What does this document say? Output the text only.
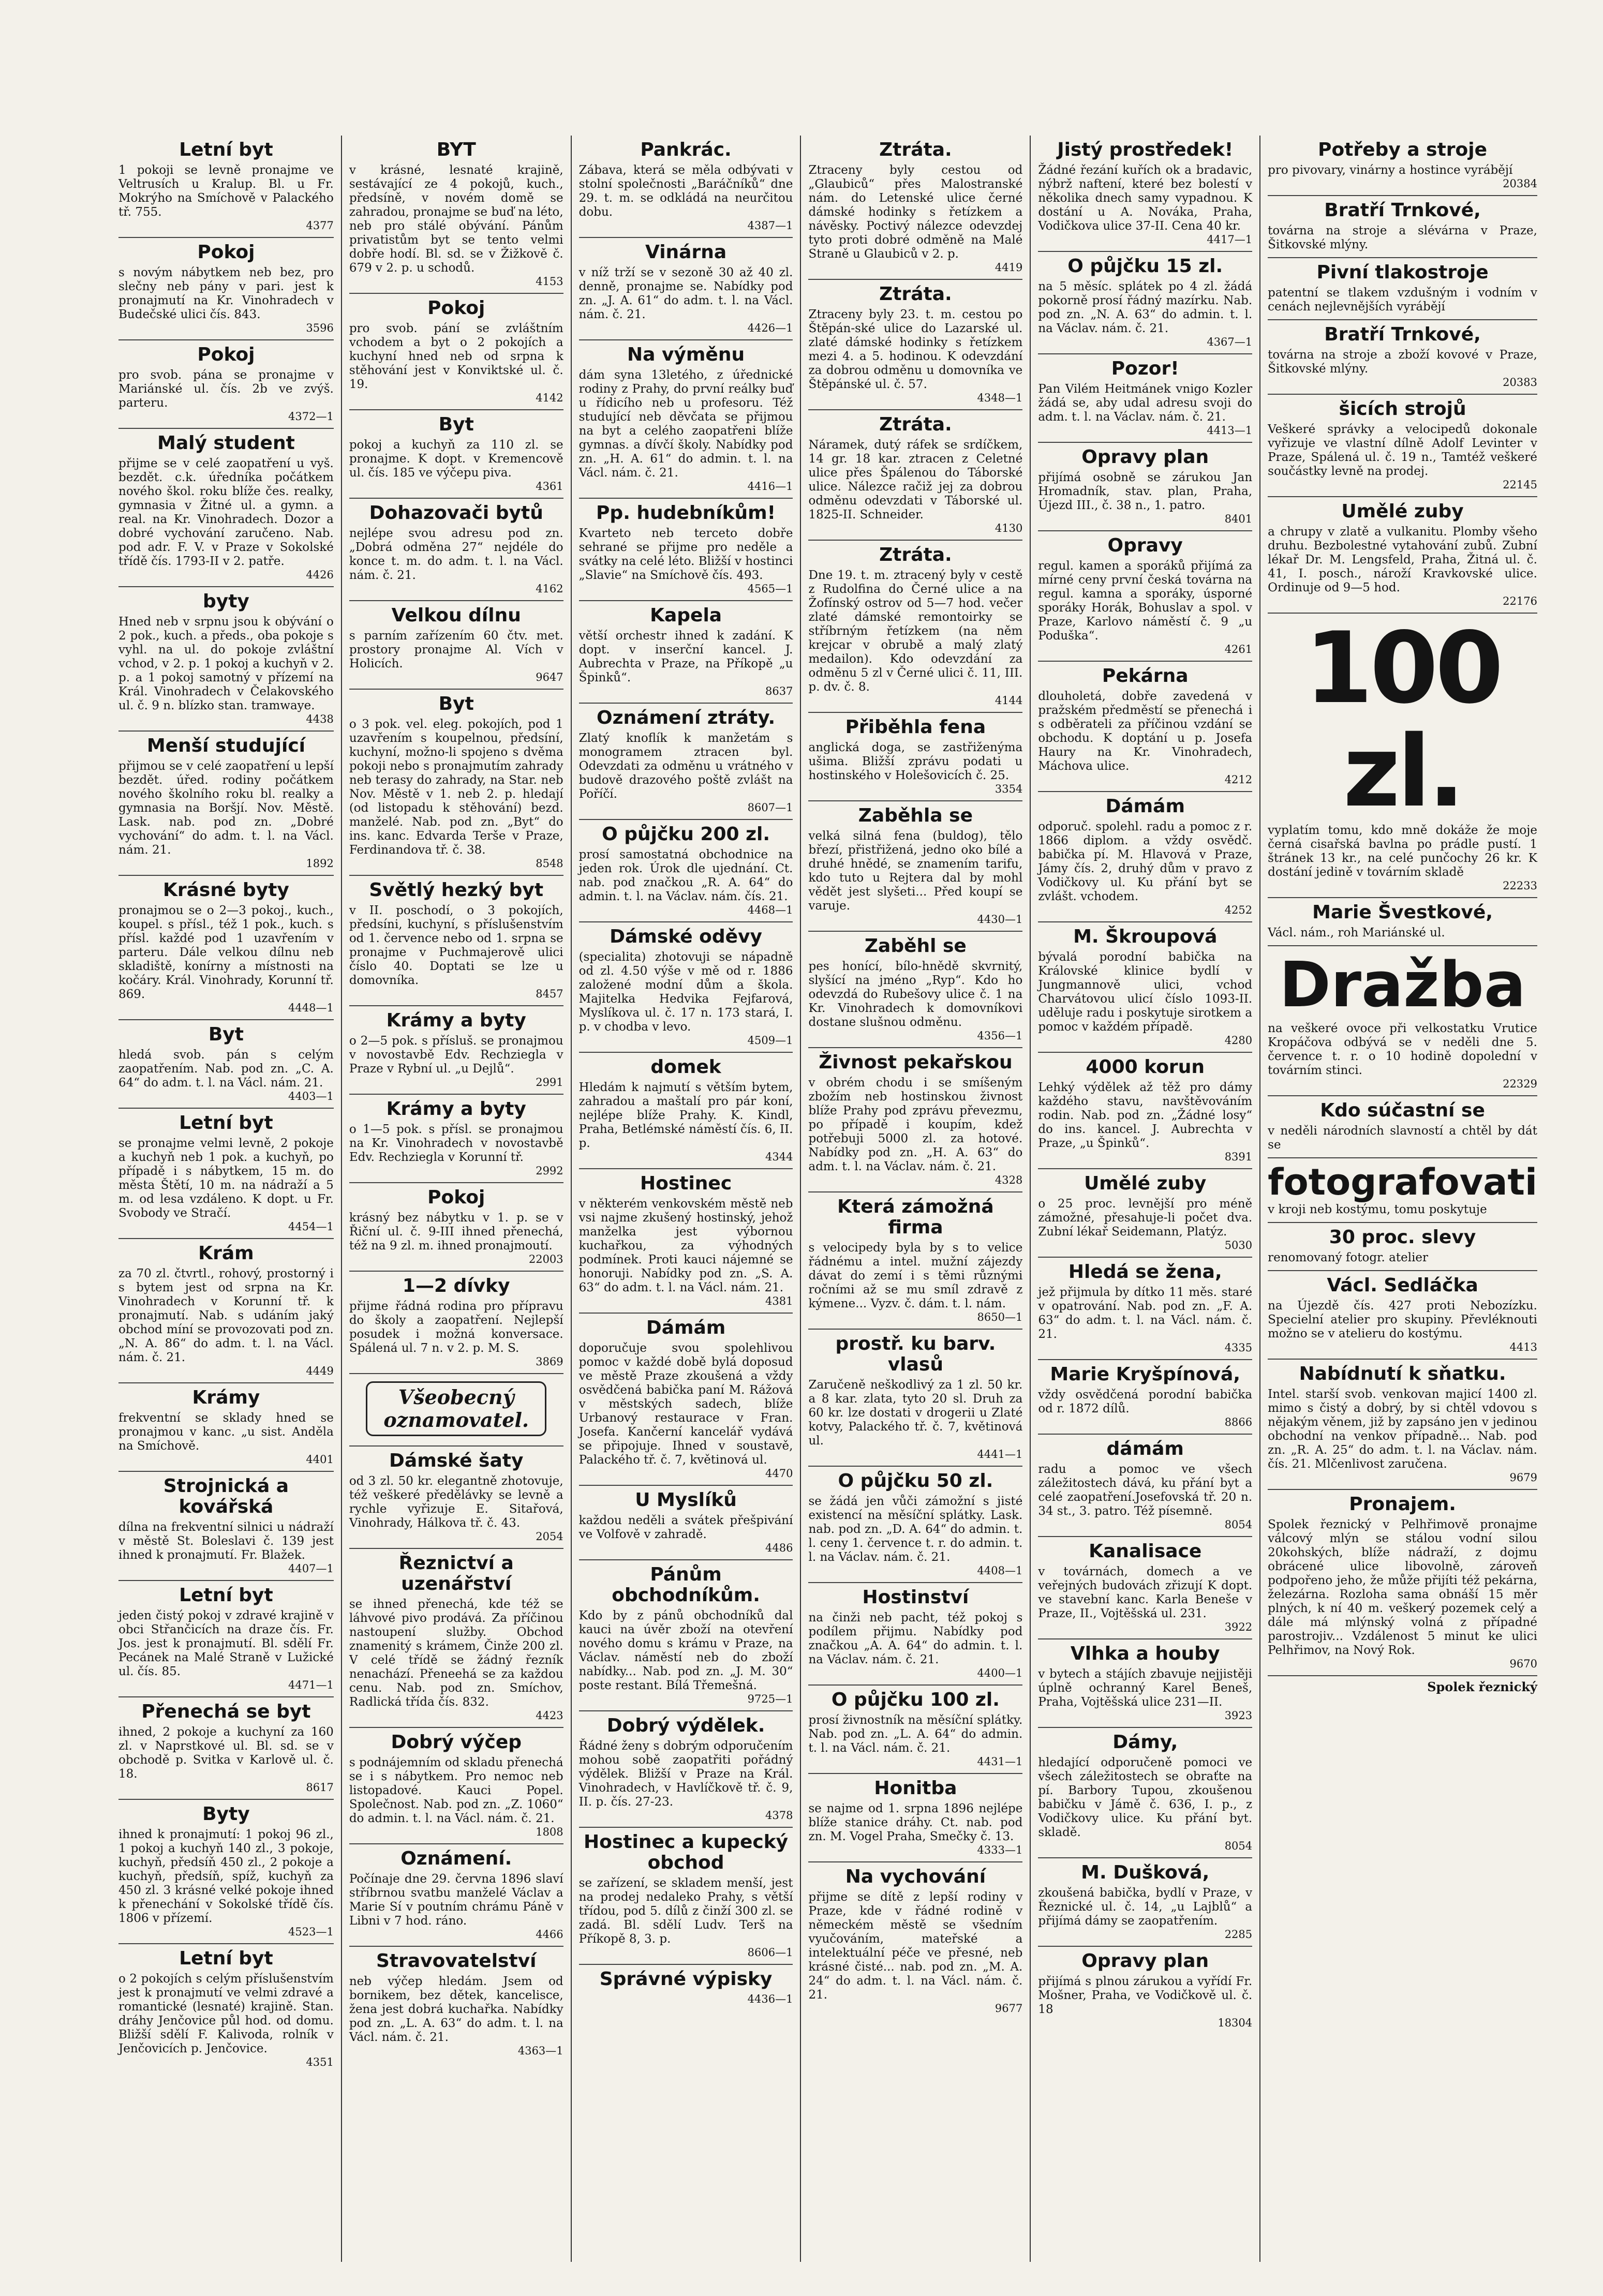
Letní byt

1 pokoji se levně pronajme ve Veltrusích u Kralup. Bl. u Fr. Mokrýho na Smíchově v Palackého tř. 755.

4377
Pokoj

s novým nábytkem neb bez, pro slečny neb pány v pari. jest k pronajmutí na Kr. Vinohradech v Budečské ulici čís. 843.

3596
Pokoj

pro svob. pána se pronajme v Mariánské ul. čís. 2b ve zvýš. parteru.

4372—1
Malý student

přijme se v celé zaopatření u vyš. bezdět. c.k. úředníka počátkem nového škol. roku blíže čes. realky, gymnasia v Žitné ul. a gymn. a real. na Kr. Vinohradech. Dozor a dobré vychování zaručeno. Nab. pod adr. F. V. v Praze v Sokolské třídě čís. 1793-II v 2. patře.

4426
byty

Hned neb v srpnu jsou k obývání o 2 pok., kuch. a předs., oba pokoje s vyhl. na ul. do pokoje zvláštní vchod, v 2. p. 1 pokoj a kuchyň v 2. p. a 1 pokoj samotný v přízemí na Král. Vinohradech v Čelakovského ul. č. 9 n. blízko stan. tramwaye.

4438
Menší studující

přijmou se v celé zaopatření u lepší bezdět. úřed. rodiny počátkem nového školního roku bl. realky a gymnasia na Boršjí. Nov. Městě. Lask. nab. pod zn. „Dobré vychování“ do adm. t. l. na Václ. nám. 21.

1892
Krásné byty

pronajmou se o 2—3 pokoj., kuch., koupel. s přísl., též 1 pok., kuch. s přísl. každé pod 1 uzavřením v parteru. Dále velkou dílnu neb skladiště, konírny a místnosti na kočáry. Král. Vinohrady, Korunní tř. 869.

4448—1
Byt

hledá svob. pán s celým zaopatřením. Nab. pod zn. „C. A. 64“ do adm. t. l. na Václ. nám. 21.

4403—1
Letní byt

se pronajme velmi levně, 2 pokoje a kuchyň neb 1 pok. a kuchyň, po případě i s nábytkem, 15 m. do města Štětí, 10 m. na nádraží a 5 m. od lesa vzdáleno. K dopt. u Fr. Svobody ve Stračí.

4454—1
Krám

za 70 zl. čtvrtl., rohový, prostorný i s bytem jest od srpna na Kr. Vinohradech v Korunní tř. k pronajmutí. Nab. s udáním jaký obchod míní se provozovati pod zn. „N. A. 86“ do adm. t. l. na Václ. nám. č. 21.

4449
Krámy

frekventní se sklady hned se pronajmou v kanc. „u sist. Anděla na Smíchově.

4401
Strojnická a kovářská

dílna na frekventní silnici u nádraží v městě St. Boleslavi č. 139 jest ihned k pronajmutí. Fr. Blažek.

4407—1
Letní byt

jeden čistý pokoj v zdravé krajině v obci Střančicích na draze čís. Fr. Jos. jest k pronajmutí. Bl. sdělí Fr. Pecánek na Malé Straně v Lužické ul. čís. 85.

4471—1
Přenechá se byt

ihned, 2 pokoje a kuchyní za 160 zl. v Naprstkové ul. Bl. sd. se v obchodě p. Svitka v Karlově ul. č. 18.

8617
Byty

ihned k pronajmutí: 1 pokoj 96 zl., 1 pokoj a kuchyň 140 zl., 3 pokoje, kuchyň, předsíň 450 zl., 2 pokoje a kuchyň, předsíň, spíž, kuchyň za 450 zl. 3 krásné velké pokoje ihned k přenechání v Sokolské třídě čís. 1806 v přízemí.

4523—1
Letní byt

o 2 pokojích s celým příslušenstvím jest k pronajmutí ve velmi zdravé a romantické (lesnaté) krajině. Stan. dráhy Jenčovice půl hod. od domu. Bližší sdělí F. Kalivoda, rolník v Jenčovicích p. Jenčovice.

4351
BYT

v krásné, lesnaté krajině, sestávající ze 4 pokojů, kuch., předsíně, v novém domě se zahradou, pronajme se buď na léto, neb pro stálé obývání. Pánům privatistům byt se tento velmi dobře hodí. Bl. sd. se v Žižkově č. 679 v 2. p. u schodů.

4153
Pokoj

pro svob. pání se zvláštním vchodem a byt o 2 pokojích a kuchyní hned neb od srpna k stěhování jest v Konviktské ul. č. 19.

4142
Byt

pokoj a kuchyň za 110 zl. se pronajme. K dopt. v Kremencově ul. čís. 185 ve výčepu piva.

4361
Dohazovači bytů

nejlépe svou adresu pod zn. „Dobrá odměna 27“ nejdéle do konce t. m. do adm. t. l. na Václ. nám. č. 21.

4162
Velkou dílnu

s parním zařízením 60 čtv. met. prostory pronajme Al. Vích v Holicích.

9647
Byt

o 3 pok. vel. eleg. pokojích, pod 1 uzavřením s koupelnou, předsíní, kuchyní, možno-li spojeno s dvěma pokoji nebo s pronajmutím zahrady neb terasy do zahrady, na Star. neb Nov. Městě v 1. neb 2. p. hledají (od listopadu k stěhování) bezd. manželé. Nab. pod zn. „Byt“ do ins. kanc. Edvarda Terše v Praze, Ferdinandova tř. č. 38.

8548
Světlý hezký byt

v II. poschodí, o 3 pokojích, předsíni, kuchyní, s příslušenstvím od 1. července nebo od 1. srpna se pronajme v Puchmajerově ulici číslo 40. Doptati se lze u domovníka.

8457
Krámy a byty

o 2—5 pok. s přísluš. se pronajmou v novostavbě Edv. Rechziegla v Praze v Rybní ul. „u Dejlů“.

2991
Krámy a byty

o 1—5 pok. s přísl. se pronajmou na Kr. Vinohradech v novostavbě Edv. Rechziegla v Korunní tř.

2992
Pokoj

krásný bez nábytku v 1. p. se v Řiční ul. č. 9-III ihned přenechá, též na 9 zl. m. ihned pronajmoutí.

22003
1—2 dívky

přijme řádná rodina pro přípravu do školy a zaopatření. Nejlepší posudek i možná konversace. Spálená ul. 7 n. v 2. p. M. S.

3869
Všeobecný oznamovatel.
Dámské šaty

od 3 zl. 50 kr. elegantně zhotovuje, též veškeré předělávky se levně a rychle vyřizuje E. Sitařová, Vinohrady, Hálkova tř. č. 43.

2054
Řeznictví a uzenářství

se ihned přenechá, kde též se láhvové pivo prodává. Za příčinou nastoupení služby. Obchod znamenitý s krámem, Činže 200 zl. V celé třídě se žádný řezník nenachází. Přeneehá se za každou cenu. Nab. pod zn. Smíchov, Radlická třída čís. 832.

4423
Dobrý výčep

s podnájemním od skladu přenechá se i s nábytkem. Pro nemoc neb listopadové. Kauci Popel. Společnost. Nab. pod zn. „Z. 1060“ do admin. t. l. na Václ. nám. č. 21.

1808
Oznámení.

Počínaje dne 29. června 1896 slaví stříbrnou svatbu manželé Václav a Marie Sí v poutním chrámu Páně v Libni v 7 hod. ráno.

4466
Stravovatelství

neb výčep hledám. Jsem od bornikem, bez dětek, kancelisce, žena jest dobrá kuchařka. Nabídky pod zn. „L. A. 63“ do adm. t. l. na Václ. nám. č. 21.

4363—1
Pankrác.

Zábava, která se měla odbývati v stolní společnosti „Baráčníků“ dne 29. t. m. se odkládá na neurčitou dobu.

4387—1
Vinárna

v níž trží se v sezoně 30 až 40 zl. denně, pronajme se. Nabídky pod zn. „J. A. 61“ do adm. t. l. na Václ. nám. č. 21.

4426—1
Na výměnu

dám syna 13letého, z úřednické rodiny z Prahy, do první reálky buď u řídicího neb u profesoru. Též studující neb děvčata se přijmou na byt a celého zaopatřeni blíže gymnas. a dívčí školy. Nabídky pod zn. „H. A. 61“ do admin. t. l. na Václ. nám. č. 21.

4416—1
Pp. hudebníkům!

Kvarteto neb terceto dobře sehrané se přijme pro neděle a svátky na celé léto. Bližší v hostinci „Slavie“ na Smíchově čís. 493.

4565—1
Kapela

větší orchestr ihned k zadání. K dopt. v inserční kancel. J. Aubrechta v Praze, na Příkopě „u Špinků“.

8637
Oznámení ztráty.

Zlatý knoflík k manžetám s monogramem ztracen byl. Odevzdati za odměnu u vrátného v budově drazového poště zvlášt na Poříčí.

8607—1
O půjčku 200 zl.

prosí samostatná obchodnice na jeden rok. Úrok dle ujednání. Ct. nab. pod značkou „R. A. 64“ do admin. t. l. na Václav. nám. čís. 21.

4468—1
Dámské oděvy

(specialita) zhotovuji se nápadně od zl. 4.50 výše v mě od r. 1886 založené modní dům a škola. Majitelka Hedvika Fejfarová, Myslíkova ul. č. 17 n. 173 stará, I. p. v chodba v levo.

4509—1
domek

Hledám k najmutí s větším bytem, zahradou a maštalí pro pár koní, nejlépe blíže Prahy. K. Kindl, Praha, Betlémské náměstí čís. 6, II. p.

4344
Hostinec

v některém venkovském městě neb vsi najme zkušený hostinský, jehož manželka jest výbornou kuchařkou, za výhodných podmínek. Proti kauci nájemné se honoruji. Nabídky pod zn. „S. A. 63“ do adm. t. l. na Václ. nám. 21.

4381
Dámám

doporučuje svou spolehlivou pomoc v každé době bylá doposud ve městě Praze zkoušená a vždy osvědčená babička paní M. Rážová v městských sadech, blíže Urbanový restaurace v Fran. Josefa. Kančerní kancelář vydává se připojuje. Ihned v soustavě, Palackého tř. č. 7, květinová ul.

4470
U Myslíků

každou neděli a svátek přešpivání ve Volfově v zahradě.

4486
Pánům obchodníkům.

Kdo by z pánů obchodníků dal kauci na úvěr zboží na otevření nového domu s krámu v Praze, na Václav. náměstí neb do zboží nabídky... Nab. pod zn. „J. M. 30“ poste restant. Bílá Třemešná.

9725—1
Dobrý výdělek.

Řádné ženy s dobrým odporučením mohou sobě zaopatřiti pořádný výdělek. Bližší v Praze na Král. Vinohradech, v Havlíčkově tř. č. 9, II. p. čís. 27-23.

4378
Hostinec a kupecký obchod

se zařízení, se skladem menší, jest na prodej nedaleko Prahy, s větší třídou, pod 5. dílů z činží 300 zl. se zadá. Bl. sdělí Ludv. Terš na Příkopě 8, 3. p.

8606—1
Správné výpisky
4436—1
Ztráta.

Ztraceny byly cestou od „Glaubiců“ přes Malostranské nám. do Letenské ulice černé dámské hodinky s řetízkem a návěsky. Poctivý nálezce odevzdej tyto proti dobré odměně na Malé Straně u Glaubiců v 2. p.

4419
Ztráta.

Ztraceny byly 23. t. m. cestou po Štěpán-ské ulice do Lazarské ul. zlaté dámské hodinky s řetízkem mezi 4. a 5. hodinou. K odevzdání za dobrou odměnu u domovníka ve Štěpánské ul. č. 57.

4348—1
Ztráta.

Náramek, dutý ráfek se srdíčkem, 14 gr. 18 kar. ztracen z Celetné ulice přes Špálenou do Táborské ulice. Nálezce račiž jej za dobrou odměnu odevzdati v Táborské ul. 1825-II. Schneider.

4130
Ztráta.

Dne 19. t. m. ztracený byly v cestě z Rudolfina do Černé ulice a na Žofínský ostrov od 5—7 hod. večer zlaté dámské remontoirky se stříbrným řetízkem (na něm krejcar v obrubě a malý zlatý medailon). Kdo odevzdání za odměnu 5 zl v Černé ulici č. 11, III. p. dv. č. 8.

4144
Přiběhla fena

anglická doga, se zastřiženýma ušima. Bližší zprávu podati u hostinského v Holešovicích č. 25.

3354
Zaběhla se

velká silná fena (buldog), tělo březí, přistřižená, jedno oko bílé a druhé hnědé, se znamením tarifu, kdo tuto u Rejtera dal by mohl vědět jest slyšeti... Před koupí se varuje.

4430—1
Zaběhl se

pes honící, bílo-hnědě skvrnitý, slyšící na jméno „Ryp“. Kdo ho odevzdá do Rubešovy ulice č. 1 na Kr. Vinohradech k domovníkovi dostane slušnou odměnu.

4356—1
Živnost pekařskou

v obrém chodu i se smíšeným zbožím neb hostinskou živnost blíže Prahy pod zprávu převezmu, po případě i koupím, kdež potřebuji 5000 zl. za hotové. Nabídky pod zn. „H. A. 63“ do adm. t. l. na Václav. nám. č. 21.

4328
Která zámožná firma

s velocipedy byla by s to velice řádnému a intel. mužní zájezdy dávat do zemí i s těmi různými ročními až se mu smíl zdravě z kýmene... Vyzv. č. dám. t. l. nám.

8650—1
prostř. ku barv. vlasů

Zaručeně neškodlivý za 1 zl. 50 kr. a 8 kar. zlata, tyto 20 sl. Druh za 60 kr. lze dostati v drogerii u Zlaté kotvy, Palackého tř. č. 7, květinová ul.

4441—1
O půjčku 50 zl.

se žádá jen vůči zámožní s jisté existencí na měsíční splátky. Lask. nab. pod zn. „D. A. 64“ do admin. t. l. ceny 1. července t. r. do admin. t. l. na Václav. nám. č. 21.

4408—1
Hostinství

na činži neb pacht, též pokoj s podílem přijmu. Nabídky pod značkou „A. A. 64“ do admin. t. l. na Václav. nám. č. 21.

4400—1
O půjčku 100 zl.

prosí živnostník na měsíční splátky. Nab. pod zn. „L. A. 64“ do admin. t. l. na Václ. nám. č. 21.

4431—1
Honitba

se najme od 1. srpna 1896 nejlépe blíže stanice dráhy. Ct. nab. pod zn. M. Vogel Praha, Smečky č. 13.

4333—1
Na vychování

přijme se dítě z lepší rodiny v Praze, kde v řádné rodině v německém městě se všedním vyučováním, mateřské a intelektuální péče ve přesné, neb krásné čisté... nab. pod zn. „M. A. 24“ do adm. t. l. na Václ. nám. č. 21.

9677
Jistý prostředek!

Žádné řezání kuřích ok a bradavic, nýbrž naftení, které bez bolestí v několika dnech samy vypadnou. K dostání u A. Nováka, Praha, Vodičkova ulice 37-II. Cena 40 kr.

4417—1
O půjčku 15 zl.

na 5 měsíc. splátek po 4 zl. žádá pokorně prosí řádný mazírku. Nab. pod zn. „N. A. 63“ do admin. t. l. na Václav. nám. č. 21.

4367—1
Pozor!

Pan Vilém Heitmánek vnigo Kozler žádá se, aby udal adresu svoji do adm. t. l. na Václav. nám. č. 21.

4413—1
Opravy plan

přijímá osobně se zárukou Jan Hromadník, stav. plan, Praha, Újezd III., č. 38 n., 1. patro.

8401
Opravy

regul. kamen a sporáků přijímá za mírné ceny první česká továrna na regul. kamna a sporáky, úsporné sporáky Horák, Bohuslav a spol. v Praze, Karlovo náměstí č. 9 „u Poduška“.

4261
Pekárna

dlouholetá, dobře zavedená v pražském předměstí se přenechá i s odběrateli za příčinou vzdání se obchodu. K doptání u p. Josefa Haury na Kr. Vinohradech, Máchova ulice.

4212
Dámám

odporuč. spolehl. radu a pomoc z r. 1866 diplom. a vždy osvědč. babička pí. M. Hlavová v Praze, Jámy čís. 2, druhý dům v pravo z Vodičkovy ul. Ku přání byt se zvlášt. vchodem.

4252
M. Škroupová

bývalá porodní babička na Královské klinice bydlí v Jungmannově ulici, vchod Charvátovou ulicí číslo 1093-II. uděluje radu i poskytuje sirotkem a pomoc v každém případě.

4280
4000 korun

Lehký výdělek až těž pro dámy každého stavu, navštěvováním rodin. Nab. pod zn. „Žádné losy“ do ins. kancel. J. Aubrechta v Praze, „u Špinků“.

8391
Umělé zuby

o 25 proc. levnější pro méně zámožné, přesahuje-li počet dva. Zubní lékař Seidemann, Platýz.

5030
Hledá se žena,

jež přijmula by dítko 11 měs. staré v opatrování. Nab. pod zn. „F. A. 63“ do adm. t. l. na Václ. nám. č. 21.

4335
Marie Kryšpínová,

vždy osvědčená porodní babička od r. 1872 dílů.

8866
dámám

radu a pomoc ve všech záležitostech dává, ku přání byt a celé zaopatření.Josefovská tř. 20 n. 34 st., 3. patro. Též písemně.

8054
Kanalisace

v továrnách, domech a ve veřejných budovách zřizují K dopt. ve stavební kanc. Karla Beneše v Praze, II., Vojtěšská ul. 231.

3922
Vlhka a houby

v bytech a stájích zbavuje nejjistěji úplně ochranný Karel Beneš, Praha, Vojtěšská ulice 231—II.

3923
Dámy,

hledající odporučeně pomoci ve všech záležitostech se obraťte na pí. Barbory Tupou, zkoušenou babičku v Jámě č. 636, I. p., z Vodičkovy ulice. Ku přání byt. skladě.

8054
M. Dušková,

zkoušená babička, bydlí v Praze, v Řeznické ul. č. 14, „u Lajblů“ a přijímá dámy se zaopatřením.

2285
Opravy plan

přijímá s plnou zárukou a vyřídí Fr. Mošner, Praha, ve Vodičkově ul. č. 18

18304
Potřeby a stroje

pro pivovary, vinárny a hostince vyrábějí

20384
Bratří Trnkové,

továrna na stroje a slévárna v Praze, Šitkovské mlýny.

Pivní tlakostroje

patentní se tlakem vzdušným i vodním v cenách nejlevnějších vyrábějí

Bratří Trnkové,

továrna na stroje a zboží kovové v Praze, Šitkovské mlýny.

20383
šicích strojů

Veškeré správky a velocipedů dokonale vyřizuje ve vlastní dílně Adolf Levinter v Praze, Spálená ul. č. 19 n., Tamtéž veškeré součástky levně na prodej.

22145
Umělé zuby

a chrupy v zlatě a vulkanitu. Plomby všeho druhu. Bezbolestné vytahování zubů. Zubní lékař Dr. M. Lengsfeld, Praha, Žitná ul. č. 41, I. posch., nároží Kravkovské ulice. Ordinuje od 9—5 hod.

22176
100 zl.

vyplatím tomu, kdo mně dokáže že moje černá cisařská bavlna po prádle pustí. 1 štránek 13 kr., na celé punčochy 26 kr. K dostání jedině v továrním skladě

22233
Marie Švestkové,

Václ. nám., roh Mariánské ul.

Dražba

na veškeré ovoce při velkostatku Vrutice Kropáčova odbývá se v neděli dne 5. července t. r. o 10 hodině dopolední v továrním stinci.

22329
Kdo súčastní se

v neděli národních slavností a chtěl by dát se

fotografovati

v kroji neb kostýmu, tomu poskytuje

30 proc. slevy

renomovaný fotogr. atelier

Václ. Sedláčka

na Újezdě čís. 427 proti Nebozízku. Specielní atelier pro skupiny. Převléknouti možno se v atelieru do kostýmu.

4413
Nabídnutí k sňatku.

Intel. starší svob. venkovan majicí 1400 zl. mimo s čistý a dobrý, by si chtěl vdovou s nějakým věnem, již by zapsáno jen v jedinou obchodní na venkov případně... Nab. pod zn. „R. A. 25“ do adm. t. l. na Václav. nám. čís. 21. Mlčenlivost zaručena.

9679
Pronajem.

Spolek řeznický v Pelhřimově pronajme válcový mlýn se stálou vodní silou 20kohských, blíže nádraží, z dojmu obrácené ulice libovolně, zároveň podpořeno jeho, že může přijíti též pekárna, železárna. Rozloha sama obnáší 15 měr plných, k ní 40 m. veškerý pozemek celý a dále má mlýnský volná z případné parostrojiv... Vzdálenost 5 minut ke ulici Pelhřimov, na Nový Rok.

9670
Spolek řeznický
